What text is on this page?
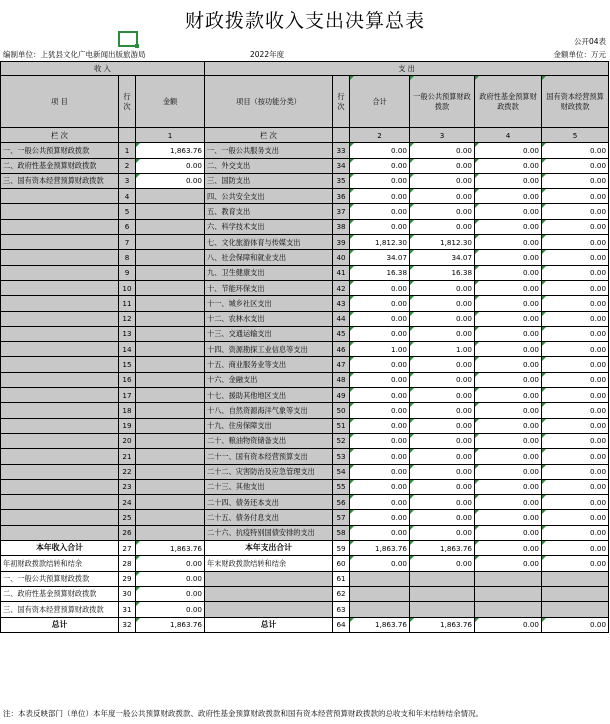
财政拨款收入支出决算总表
公开04表
编制单位：上犹县文化广电新闻出版旅游局	2022年度	金额单位：万元
收 入			支 出					
项 目	行次	金额	项目（按功能分类）	行次	合计	一般公共预算财政拨款	政府性基金预算财政拨款	国有资本经营预算财政拨款
栏 次		1	栏 次		2	3	4	5
一、一般公共预算财政拨款	1	1,863.76	一、一般公共服务支出	33	0.00	0.00	0.00	0.00
二、政府性基金预算财政拨款	2	0.00	二、外交支出	34	0.00	0.00	0.00	0.00
三、国有资本经营预算财政拨款	3	0.00	三、国防支出	35	0.00	0.00	0.00	0.00
	4		四、公共安全支出	36	0.00	0.00	0.00	0.00
	5		五、教育支出	37	0.00	0.00	0.00	0.00
	6		六、科学技术支出	38	0.00	0.00	0.00	0.00
	7		七、文化旅游体育与传媒支出	39	1,812.30	1,812.30	0.00	0.00
	8		八、社会保障和就业支出	40	34.07	34.07	0.00	0.00
	9		九、卫生健康支出	41	16.38	16.38	0.00	0.00
	10		十、节能环保支出	42	0.00	0.00	0.00	0.00
	11		十一、城乡社区支出	43	0.00	0.00	0.00	0.00
	12		十二、农林水支出	44	0.00	0.00	0.00	0.00
	13		十三、交通运输支出	45	0.00	0.00	0.00	0.00
	14		十四、资源勘探工业信息等支出	46	1.00	1.00	0.00	0.00
	15		十五、商业服务业等支出	47	0.00	0.00	0.00	0.00
	16		十六、金融支出	48	0.00	0.00	0.00	0.00
	17		十七、援助其他地区支出	49	0.00	0.00	0.00	0.00
	18		十八、自然资源海洋气象等支出	50	0.00	0.00	0.00	0.00
	19		十九、住房保障支出	51	0.00	0.00	0.00	0.00
	20		二十、粮油物资储备支出	52	0.00	0.00	0.00	0.00
	21		二十一、国有资本经营预算支出	53	0.00	0.00	0.00	0.00
	22		二十二、灾害防治及应急管理支出	54	0.00	0.00	0.00	0.00
	23		二十三、其他支出	55	0.00	0.00	0.00	0.00
	24		二十四、债务还本支出	56	0.00	0.00	0.00	0.00
	25		二十五、债务付息支出	57	0.00	0.00	0.00	0.00
	26		二十六、抗疫特别国债安排的支出	58	0.00	0.00	0.00	0.00
本年收入合计	27	1,863.76	本年支出合计	59	1,863.76	1,863.76	0.00	0.00
年初财政拨款结转和结余	28	0.00	年末财政拨款结转和结余	60	0.00	0.00	0.00	0.00
一、一般公共预算财政拨款	29	0.00		61				
二、政府性基金预算财政拨款	30	0.00		62				
三、国有资本经营预算财政拨款	31	0.00		63				
总计	32	1,863.76	总计	64	1,863.76	1,863.76	0.00	0.00
注：本表反映部门（单位）本年度一般公共预算财政拨款、政府性基金预算财政拨款和国有资本经营预算财政拨款的总收支和年末结转结余情况。
